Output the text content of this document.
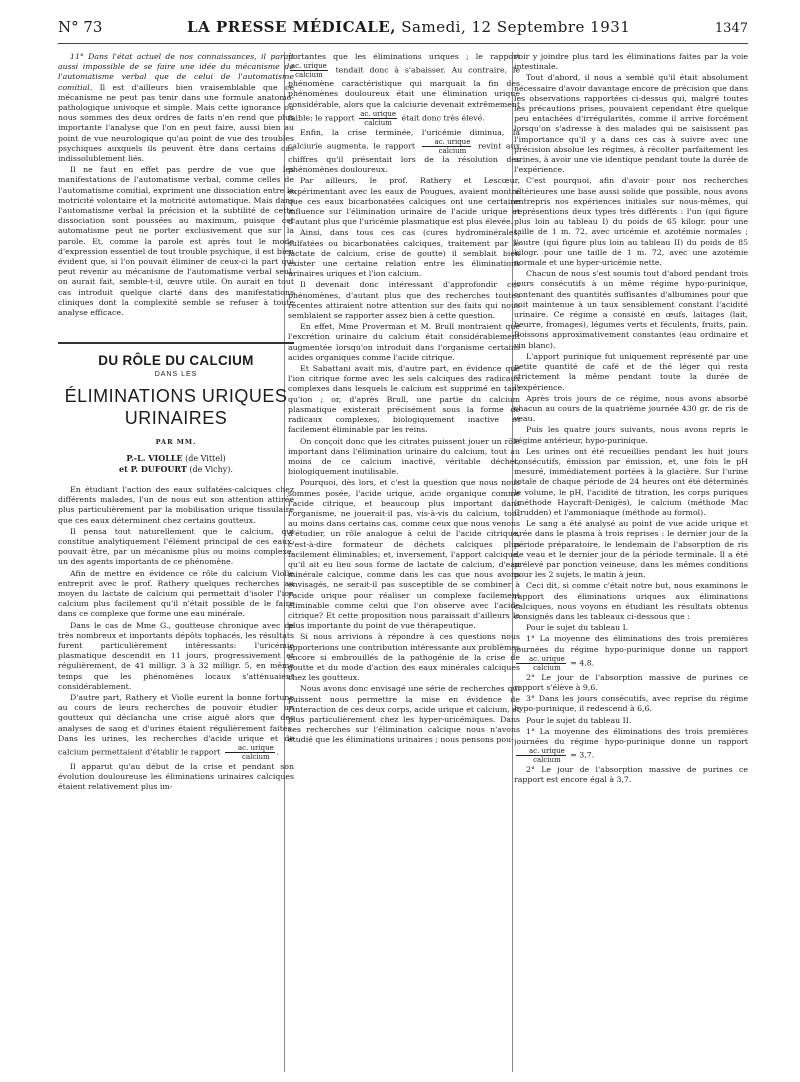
N° 73	LA PRESSE MÉDICALE, Samedi, 12 Septembre 1931	1347

11° Dans l'état actuel de nos connaissances, il paraît aussi impossible de se faire une idée du mécanisme de l'automatisme verbal que de celui de l'automatisme comitial. Il est d'ailleurs bien vraisemblable que ce mécanisme ne peut pas tenir dans une formule anatomo-pathologique univoque et simple. Mais cette ignorance où nous sommes des deux ordres de faits n'en rend que plus importante l'analyse que l'on en peut faire, aussi bien au point de vue neurologique qu'au point de vue des troubles psychiques auxquels ils peuvent être dans certains cas indissolublement liés.

Il ne faut en effet pas perdre de vue que les manifestations de l'automatisme verbal, comme celles de l'automatisme comitial, expriment une dissociation entre la motricité volontaire et la motricité automatique. Mais dans l'automatisme verbal la précision et la subtilité de cette dissociation sont poussées au maximum, puisque cet automatisme peut ne porter exclusivement que sur la parole. Et, comme la parole est après tout le mode d'expression essentiel de tout trouble psychique, il est bien évident que, si l'on pouvait éliminer de ceux-ci la part qui peut revenir au mécanisme de l'automatisme verbal seul, on aurait fait, semble-t-il, œuvre utile. On aurait en tout cas introduit quelque clarté dans des manifestations cliniques dont la complexité semble se refuser à toute analyse efficace.

DU RÔLE DU CALCIUM
DANS LES
ÉLIMINATIONS URIQUES URINAIRES
PAR MM.
P.-L. VIOLLE (de Vittel)
et P. DUFOURT (de Vichy).

En étudiant l'action des eaux sulfatées-calciques chez différents malades, l'un de nous eut son attention attirée plus particulièrement par la mobilisation urique tissulaire que ces eaux déterminent chez certains goutteux.

Il pensa tout naturellement que le calcium, qui constitue analytiquement l'élément principal de ces eaux, pouvait être, par un mécanisme plus ou moins complexe, un des agents importants de ce phénomène.

Afin de mettre en évidence ce rôle du calcium Violle entreprit avec le prof. Rathery quelques recherches au moyen du lactate de calcium qui permettait d'isoler l'ion calcium plus facilement qu'il n'était possible de le faire dans ce complexe que forme une eau minérale.

Dans le cas de Mme G., goutteuse chronique avec de très nombreux et importants dépôts tophacés, les résultats furent particulièrement intéressants: l'uricémie plasmatique descendit en 11 jours, progressivement et régulièrement, de 41 milligr. 3 à 32 milligr. 5, en même temps que les phénomènes locaux s'atténuaient considérablement.

D'autre part, Rathery et Violle eurent la bonne fortune au cours de leurs recherches de pouvoir étudier un goutteux qui déclancha une crise aiguë alors que des analyses de sang et d'urines étaient régulièrement faites. Dans les urines, les recherches d'acide urique et de calcium permettaient d'établir le rapport $\frac{\text{ac. urique}}{\text{calcium}}$ .

Il apparut qu'au début de la crise et pendant son évolution douloureuse les éliminations urinaires calciques étaient relativement plus im-

portantes que les éliminations uriques ; le rapport
$\frac{\text{ac. urique}}{\text{calcium}}$ tendait donc à s'abaisser. Au contraire, le phénomène caractéristique qui marquait la fin des phénomènes douloureux était une élimination urique considérable, alors que la calciurie devenait extrêmement faible; le rapport $\frac{\text{ac. urique}}{\text{calcium}}$ était donc très élevé.

Enfin, la crise terminée, l'uricémie diminua, la calciurie augmenta, le rapport $\frac{\text{ac. urique}}{\text{calcium}}$ revint aux chiffres qu'il présentait lors de la résolution des phénomènes douloureux.

Par ailleurs, le prof. Rathery et Lescœur, expérimentant avec les eaux de Pougues, avaient montré que ces eaux bicarbonatées calciques ont une certaine influence sur l'élimination urinaire de l'acide urique et d'autant plus que l'uricémie plasmatique est plus élevée.

Ainsi, dans tous ces cas (cures hydrominérales, sulfatées ou bicarbonatées calciques, traitement par le lactate de calcium, crise de goutte) il semblait bien exister une certaine relation entre les éliminations urinaires uriques et l'ion calcium.

Il devenait donc intéressant d'approfondir ces phénomènes, d'autant plus que des recherches toutes récentes attiraient notre attention sur des faits qui nous semblaient se rapporter assez bien à cette question.

En effet, Mme Proverman et M. Brull montraient que l'excrétion urinaire du calcium était considérablement augmentée lorsqu'on introduit dans l'organisme certains acides organiques comme l'acide citrique.

Et Sabattani avait mis, d'autre part, en évidence que l'ion citrique forme avec les sels calciques des radicaux complexes dans lesquels le calcium est supprimé en tant qu'ion ; or, d'après Brull, une partie du calcium plasmatique existerait précisément sous la forme de radicaux complexes, biologiquement inactive et facilement éliminable par les reins.

On conçoit donc que les citrates puissent jouer un rôle important dans l'élimination urinaire du calcium, tout au moins de ce calcium inactivé, véritable déchet, biologiquement inutilisable.

Pourquoi, dès lors, et c'est la question que nous nous sommes posée, l'acide urique, acide organique comme l'acide citrique, et beaucoup plus important dans l'organisme, ne jouerait-il pas, vis-à-vis du calcium, tout au moins dans certains cas, comme ceux que nous venons d'étudier, un rôle analogue à celui de l'acide citrique, c'est-à-dire formateur de déchets calciques plus facilement éliminables; et, inversement, l'apport calcique, qu'il ait eu lieu sous forme de lactate de calcium, d'eau minérale calcique, comme dans les cas que nous avons envisagés, ne serait-il pas susceptible de se combiner à l'acide urique pour réaliser un complexe facilement éliminable comme celui que l'on observe avec l'acide citrique? Et cette proposition nous paraissait d'ailleurs la plus importante du point de vue thérapeutique.

Si nous arrivions à répondre à ces questions nous apporterions une contribution intéressante aux problèmes encore si embrouillés de la pathogénie de la crise de goutte et du mode d'action des eaux minérales calciques chez les goutteux.

Nous avons donc envisagé une série de recherches qui puissent nous permettre la mise en évidence de l'interaction de ces deux corps, acide urique et calcium, et plus particulièrement chez les hyper-uricémiques. Dans ces recherches sur l'élimination calcique nous n'avons étudié que les éliminations urinaires ; nous pensons pou-

voir y joindre plus tard les éliminations faites par la voie intestinale.

Tout d'abord, il nous a semblé qu'il était absolument nécessaire d'avoir davantage encore de précision que dans les observations rapportées ci-dessus qui, malgré toutes les précautions prises, pouvaient cependant être quelque peu entachées d'irrégularités, comme il arrive forcément lorsqu'on s'adresse à des malades qui ne saisissent pas l'importance qu'il y a dans ces cas à suivre avec une précision absolue les régimes, à récolter parfaitement les urines, à avoir une vie identique pendant toute la durée de l'expérience.

C'est pourquoi, afin d'avoir pour nos recherches ultérieures une base aussi solide que possible, nous avons entrepris nos expériences initiales sur nous-mêmes, qui représentions deux types très différents : l'un (qui figure plus loin au tableau I) du poids de 65 kilogr. pour une taille de 1 m. 72, avec uricémie et azotémie normales ; l'autre (qui figure plus loin au tableau II) du poids de 85 kilogr. pour une taille de 1 m. 72, avec une azotémie normale et une hyper-uricémie nette.

Chacun de nous s'est soumis tout d'abord pendant trois jours consécutifs à un même régime hypo-purinique, contenant des quantités suffisantes d'albumines pour que soit maintenue à un taux sensiblement constant l'acidité urinaire. Ce régime a consisté en œufs, laitages (lait, beurre, fromages), légumes verts et féculents, fruits, pain. Boissons approximativement constantes (eau ordinaire et vin blanc).

L'apport purinique fut uniquement représenté par une petite quantité de café et de thé léger qui resta strictement la même pendant toute la durée de l'expérience.

Après trois jours de ce régime, nous avons absorbé chacun au cours de la quatrième journée 430 gr. de ris de veau.

Puis les quatre jours suivants, nous avons repris le régime antérieur, hypo-purinique.

Les urines ont été recueillies pendant les huit jours consécutifs, émission par émission, et, une fois le pH mesuré, immédiatement portées à la glacière. Sur l'urine totale de chaque période de 24 heures ont été déterminés le volume, le pH, l'acidité de titration, les corps puriques (méthode Haycraft-Denigès), le calcium (méthode Mac Crudden) et l'ammoniaque (méthode au formol).

Le sang a été analysé au point de vue acide urique et urée dans le plasma à trois reprises : le dernier jour de la période préparatoire, le lendemain de l'absorption de ris de veau et le dernier jour de la période terminale. Il a été prélevé par ponction veineuse, dans les mêmes conditions pour les 2 sujets, le matin à jeun.

Ceci dit, si comme c'était notre but, nous examinons le rapport des éliminations uriques aux éliminations calciques, nous voyons en étudiant les résultats obtenus consignés dans les tableaux ci-dessous que :

Pour le sujet du tableau I.

1° La moyenne des éliminations des trois premières journées du régime hypo-purinique donne un rapport
$\frac{\text{ac. urique}}{\text{calcium}} = 4,8$.

2° Le jour de l'absorption massive de purines ce rapport s'élève à 9,6.

3° Dans les jours consécutifs, avec reprise du régime hypo-purinique, il redescend à 6,6.

Pour le sujet du tableau II.

1° La moyenne des éliminations des trois premières journées du régime hypo-purinique donne un rapport
$\frac{\text{ac. urique}}{\text{calcium}} = 3,7$.

2° Le jour de l'absorption massive de purines ce rapport est encore égal à 3,7.
